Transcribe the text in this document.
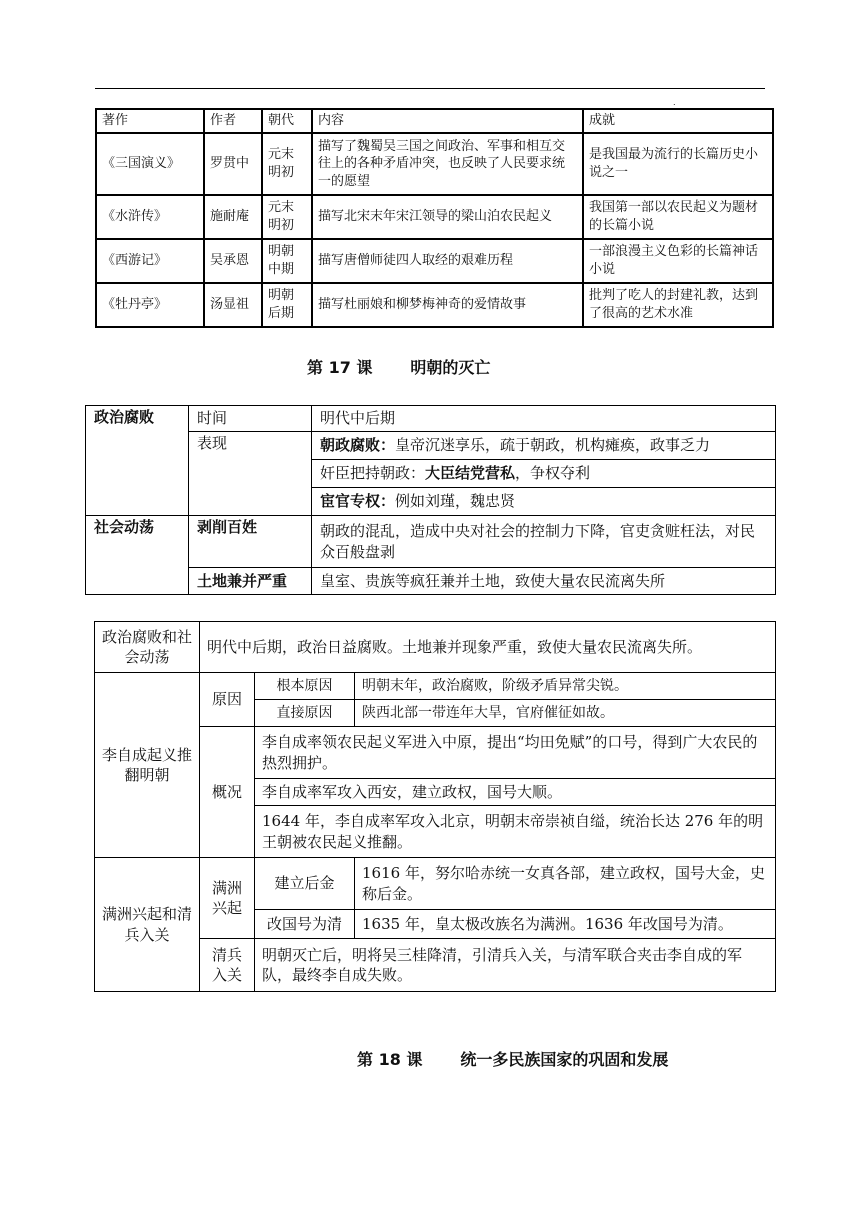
.
著作	作者	朝代	内容	成就
《三国演义》	罗贯中	元末明初	描写了魏蜀吴三国之间政治、军事和相互交往上的各种矛盾冲突，也反映了人民要求统一的愿望	是我国最为流行的长篇历史小说之一
《水浒传》	施耐庵	元末明初	描写北宋末年宋江领导的梁山泊农民起义	我国第一部以农民起义为题材的长篇小说
《西游记》	吴承恩	明朝中期	描写唐僧师徒四人取经的艰难历程	一部浪漫主义色彩的长篇神话小说
《牡丹亭》	汤显祖	明朝后期	描写杜丽娘和柳梦梅神奇的爱情故事	批判了吃人的封建礼教，达到了很高的艺术水准
第 17 课 明朝的灭亡
政治腐败	时间	明代中后期
	表现	朝政腐败：皇帝沉迷享乐，疏于朝政，机构瘫痪，政事乏力
		奸臣把持朝政：大臣结党营私，争权夺利
		宦官专权：例如刘瑾，魏忠贤
社会动荡	剥削百姓	朝政的混乱，造成中央对社会的控制力下降，官吏贪赃枉法，对民众百般盘剥
	土地兼并严重	皇室、贵族等疯狂兼并土地，致使大量农民流离失所
政治腐败和社会动荡	明代中后期，政治日益腐败。土地兼并现象严重，致使大量农民流离失所。		
李自成起义推翻明朝	原因	根本原因	明朝末年，政治腐败，阶级矛盾异常尖锐。
		直接原因	陕西北部一带连年大旱，官府催征如故。
	概况	李自成率领农民起义军进入中原，提出“均田免赋”的口号，得到广大农民的热烈拥护。	
		李自成率军攻入西安，建立政权，国号大顺。	
		1644 年，李自成率军攻入北京，明朝末帝崇祯自缢，统治长达 276 年的明王朝被农民起义推翻。	
满洲兴起和清兵入关	满洲兴起	建立后金	1616 年，努尔哈赤统一女真各部，建立政权，国号大金，史称后金。
		改国号为清	1635 年，皇太极改族名为满洲。1636 年改国号为清。
	清兵入关	明朝灭亡后，明将吴三桂降清，引清兵入关，与清军联合夹击李自成的军队，最终李自成失败。	
第 18 课 统一多民族国家的巩固和发展
